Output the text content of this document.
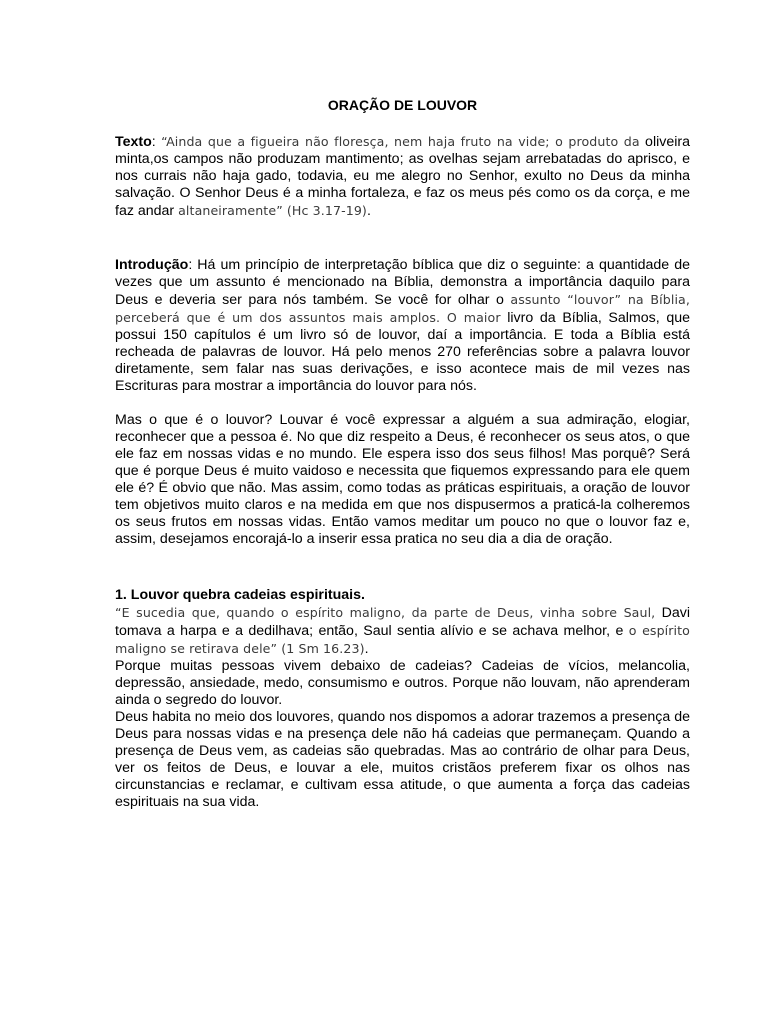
ORAÇÃO DE LOUVOR

Texto: “Ainda que a figueira não floresça, nem haja fruto na vide; o produto da oliveira minta,os campos não produzam mantimento; as ovelhas sejam arrebatadas do aprisco, e nos currais não haja gado, todavia, eu me alegro no Senhor, exulto no Deus da minha salvação. O Senhor Deus é a minha fortaleza, e faz os meus pés como os da corça, e me faz andar altaneiramente” (Hc 3.17-19).

Introdução: Há um princípio de interpretação bíblica que diz o seguinte: a quantidade de vezes que um assunto é mencionado na Bíblia, demonstra a importância daquilo para Deus e deveria ser para nós também. Se você for olhar o assunto “louvor” na Bíblia, perceberá que é um dos assuntos mais amplos. O maior livro da Bíblia, Salmos, que possui 150 capítulos é um livro só de louvor, daí a importância. E toda a Bíblia está recheada de palavras de louvor. Há pelo menos 270 referências sobre a palavra louvor diretamente, sem falar nas suas derivações, e isso acontece mais de mil vezes nas Escrituras para mostrar a importância do louvor para nós.

Mas o que é o louvor? Louvar é você expressar a alguém a sua admiração, elogiar, reconhecer que a pessoa é. No que diz respeito a Deus, é reconhecer os seus atos, o que ele faz em nossas vidas e no mundo. Ele espera isso dos seus filhos! Mas porquê? Será que é porque Deus é muito vaidoso e necessita que fiquemos expressando para ele quem ele é? É obvio que não. Mas assim, como todas as práticas espirituais, a oração de louvor tem objetivos muito claros e na medida em que nos dispusermos a praticá-la colheremos os seus frutos em nossas vidas. Então vamos meditar um pouco no que o louvor faz e, assim, desejamos encorajá-lo a inserir essa pratica no seu dia a dia de oração.

1. Louvor quebra cadeias espirituais.

“E sucedia que, quando o espírito maligno, da parte de Deus, vinha sobre Saul, Davi tomava a harpa e a dedilhava; então, Saul sentia alívio e se achava melhor, e o espírito maligno se retirava dele” (1 Sm 16.23).

Porque muitas pessoas vivem debaixo de cadeias? Cadeias de vícios, melancolia, depressão, ansiedade, medo, consumismo e outros. Porque não louvam, não aprenderam ainda o segredo do louvor.

Deus habita no meio dos louvores, quando nos dispomos a adorar trazemos a presença de Deus para nossas vidas e na presença dele não há cadeias que permaneçam. Quando a presença de Deus vem, as cadeias são quebradas. Mas ao contrário de olhar para Deus, ver os feitos de Deus, e louvar a ele, muitos cristãos preferem fixar os olhos nas circunstancias e reclamar, e cultivam essa atitude, o que aumenta a força das cadeias espirituais na sua vida.
